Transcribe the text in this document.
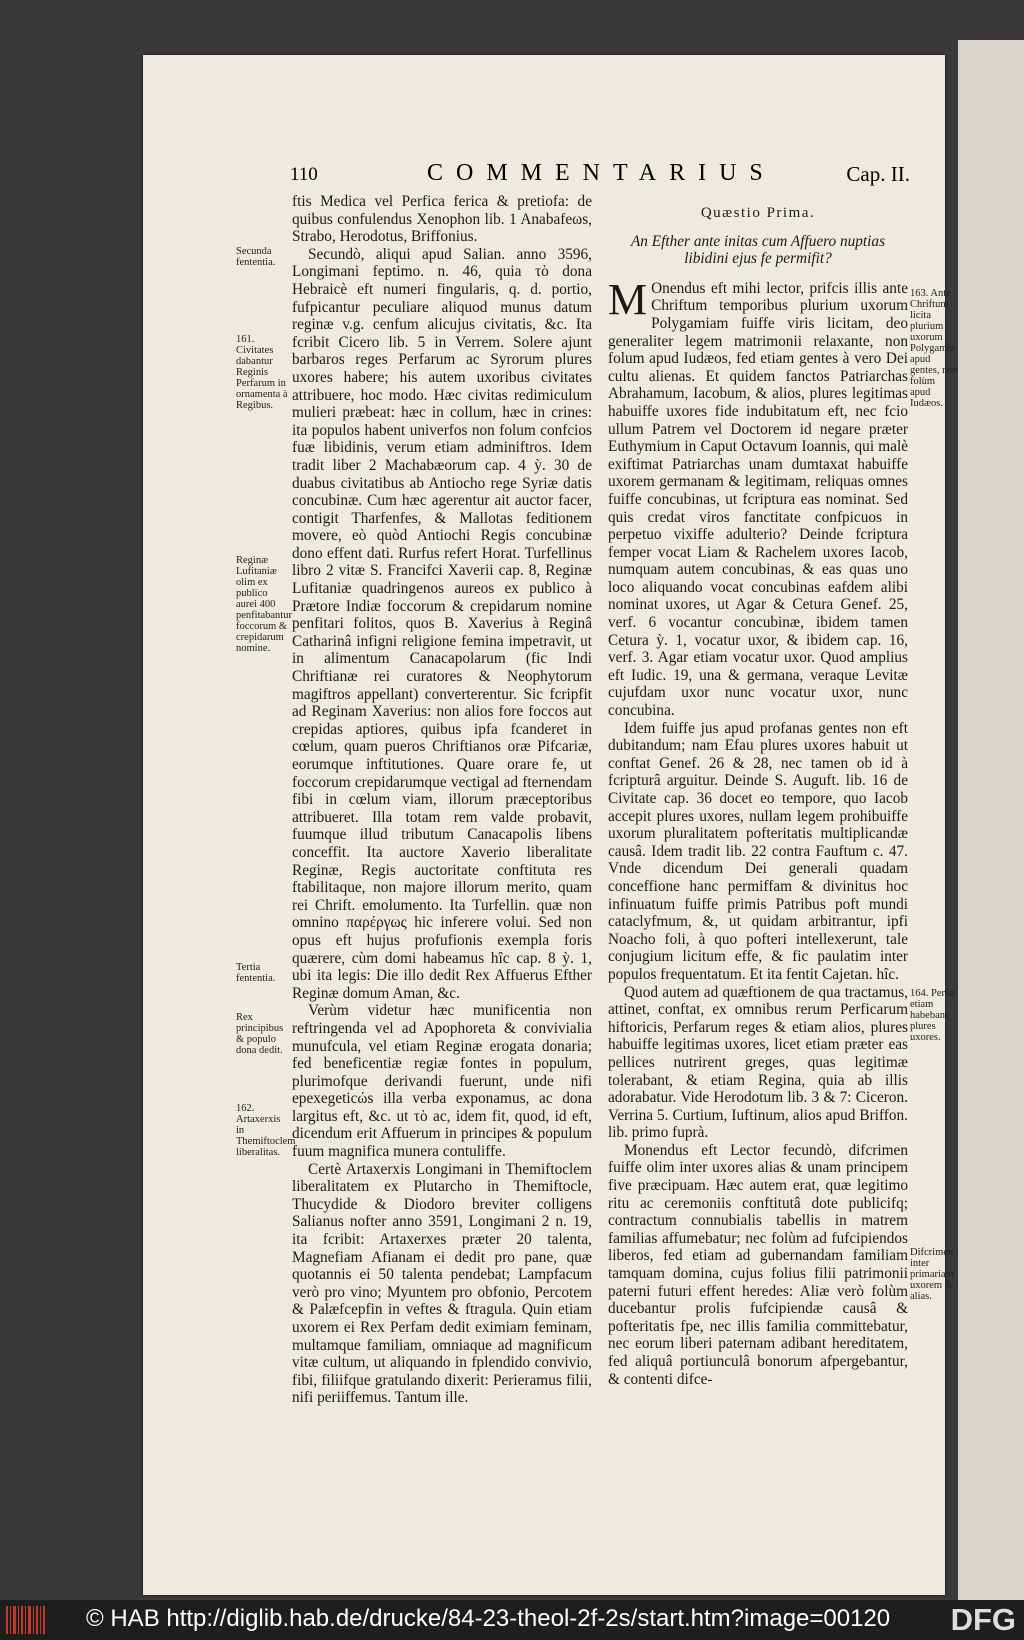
110	COMMENTARIUS	Cap. II.

ftis Medica vel Perfica ferica & pretiofa: de quibus confulendus Xenophon lib. 1 Anabafeωs, Strabo, Herodotus, Briffonius.

Secundò, aliqui apud Salian. anno 3596, Longimani feptimo. n. 46, quia τὸ dona Hebraicè eft numeri fingularis, q. d. portio, fufpicantur peculiare aliquod munus datum reginæ v.g. cenfum alicujus civitatis, &c. Ita fcribit Cicero lib. 5 in Verrem. Solere ajunt barbaros reges Perfarum ac Syrorum plures uxores habere; his autem uxoribus civitates attribuere, hoc modo. Hæc civitas redimiculum mulieri præbeat: hæc in collum, hæc in crines: ita populos habent univerfos non folum confcios fuæ libidinis, verum etiam adminiftros. Idem tradit liber 2 Machabæorum cap. 4 ỳ. 30 de duabus civitatibus ab Antiocho rege Syriæ datis concubinæ. Cum hæc agerentur ait auctor facer, contigit Tharfenfes, & Mallotas feditionem movere, eò quòd Antiochi Regis concubinæ dono effent dati. Rurfus refert Horat. Turfellinus libro 2 vitæ S. Francifci Xaverii cap. 8, Reginæ Lufitaniæ quadringenos aureos ex publico à Prætore Indiæ foccorum & crepidarum nomine penfitari folitos, quos B. Xaverius à Reginâ Catharinâ infigni religione femina impetravit, ut in alimentum Canacapolarum (fic Indi Chriftianæ rei curatores & Neophytorum magiftros appellant) converterentur. Sic fcripfit ad Reginam Xaverius: non alios fore foccos aut crepidas aptiores, quibus ipfa fcanderet in cœlum, quam pueros Chriftianos oræ Pifcariæ, eorumque inftitutiones. Quare orare fe, ut foccorum crepidarumque vectigal ad fternendam fibi in cœlum viam, illorum præceptoribus attribueret. Illa totam rem valde probavit, fuumque illud tributum Canacapolis libens conceffit. Ita auctore Xaverio liberalitate Reginæ, Regis auctoritate conftituta res ftabilitaque, non majore illorum merito, quam rei Chrift. emolumento. Ita Turfellin. quæ non omnino παρέργως hic inferere volui. Sed non opus eft hujus profufionis exempla foris quærere, cùm domi habeamus hîc cap. 8 ỳ. 1, ubi ita legis: Die illo dedit Rex Affuerus Efther Reginæ domum Aman, &c.

Verùm videtur hæc munificentia non reftringenda vel ad Apophoreta & convivialia munufcula, vel etiam Reginæ erogata donaria; fed beneficentiæ regiæ fontes in populum, plurimofque derivandi fuerunt, unde nifi epexegeticώs illa verba exponamus, ac dona largitus eft, &c. ut τὸ ac, idem fit, quod, id eft, dicendum erit Affuerum in principes & populum fuum magnifica munera contuliffe.

Certè Artaxerxis Longimani in Themiftoclem liberalitatem ex Plutarcho in Themiftocle, Thucydide & Diodoro breviter colligens Salianus nofter anno 3591, Longimani 2 n. 19, ita fcribit: Artaxerxes præter 20 talenta, Magnefiam Afianam ei dedit pro pane, quæ quotannis ei 50 talenta pendebat; Lampfacum verò pro vino; Myuntem pro obfonio, Percotem & Palæfcepfin in veftes & ftragula. Quin etiam uxorem ei Rex Perfam dedit eximiam feminam, multamque familiam, omniaque ad magnificum vitæ cultum, ut aliquando in fplendido convivio, fibi, filiifque gratulando dixerit: Perieramus filii, nifi periiffemus. Tantum ille.

Quæstio Prima.

An Efther ante initas cum Affuero nuptias libidini ejus fe permifit?

M Onendus eft mihi lector, prifcis illis ante Chriftum temporibus plurium uxorum Polygamiam fuiffe viris licitam, deo generaliter legem matrimonii relaxante, non folum apud Iudæos, fed etiam gentes à vero Dei cultu alienas. Et quidem fanctos Patriarchas Abrahamum, Iacobum, & alios, plures legitimas habuiffe uxores fide indubitatum eft, nec fcio ullum Patrem vel Doctorem id negare præter Euthymium in Caput Octavum Ioannis, qui malè exiftimat Patriarchas unam dumtaxat habuiffe uxorem germanam & legitimam, reliquas omnes fuiffe concubinas, ut fcriptura eas nominat. Sed quis credat viros fanctitate confpicuos in perpetuo vixiffe adulterio? Deinde fcriptura femper vocat Liam & Rachelem uxores Iacob, numquam autem concubinas, & eas quas uno loco aliquando vocat concubinas eafdem alibi nominat uxores, ut Agar & Cetura Genef. 25, verf. 6 vocantur concubinæ, ibidem tamen Cetura ỳ. 1, vocatur uxor, & ibidem cap. 16, verf. 3. Agar etiam vocatur uxor. Quod amplius eft Iudic. 19, una & germana, veraque Levitæ cujufdam uxor nunc vocatur uxor, nunc concubina.

Idem fuiffe jus apud profanas gentes non eft dubitandum; nam Efau plures uxores habuit ut conftat Genef. 26 & 28, nec tamen ob id à fcripturâ arguitur. Deinde S. Auguft. lib. 16 de Civitate cap. 36 docet eo tempore, quo Iacob accepit plures uxores, nullam legem prohibuiffe uxorum pluralitatem pofteritatis multiplicandæ causâ. Idem tradit lib. 22 contra Fauftum c. 47. Vnde dicendum Dei generali quadam conceffione hanc permiffam & divinitus hoc infinuatum fuiffe primis Patribus poft mundi cataclyfmum, &, ut quidam arbitrantur, ipfi Noacho foli, à quo pofteri intellexerunt, tale conjugium licitum effe, & fic paulatim inter populos frequentatum. Et ita fentit Cajetan. hîc.

Quod autem ad quæftionem de qua tractamus, attinet, conftat, ex omnibus rerum Perficarum hiftoricis, Perfarum reges & etiam alios, plures habuiffe legitimas uxores, licet etiam præter eas pellices nutrirent greges, quas legitimæ tolerabant, & etiam Regina, quia ab illis adorabatur. Vide Herodotum lib. 3 & 7: Ciceron. Verrina 5. Curtium, Iuftinum, alios apud Briffon. lib. primo fuprà.

Monendus eft Lector fecundò, difcrimen fuiffe olim inter uxores alias & unam principem five præcipuam. Hæc autem erat, quæ legitimo ritu ac ceremoniis conftitutâ dote publicifq; contractum connubialis tabellis in matrem familias affumebatur; nec folùm ad fufcipiendos liberos, fed etiam ad gubernandam familiam tamquam domina, cujus folius filii patrimonii paterni futuri effent heredes: Aliæ verò folùm ducebantur prolis fufcipiendæ causâ & pofteritatis fpe, nec illis familia committebatur, nec eorum liberi paternam adibant hereditatem, fed aliquâ portiunculâ bonorum afpergebantur, & contenti difce-

Secunda fententia.
161. Civitates dabantur Reginis Perfarum in ornamenta à Regibus.
Reginæ Lufitaniæ olim ex publico aurei 400 penfitabantur foccorum & crepidarum nomine.
Tertia fententia.
Rex principibus & populo dona dedit.
162. Artaxerxis in Themiftoclem liberalitas.
163. Ante Chriftum licita plurium uxorum Polygamia apud gentes, non folùm apud Iudæos.
164. Perfæ etiam habebant plures uxores.
Difcrimen inter primariam uxorem & alias.
© HAB http://diglib.hab.de/drucke/84-23-theol-2f-2s/start.htm?image=00120 DFG
